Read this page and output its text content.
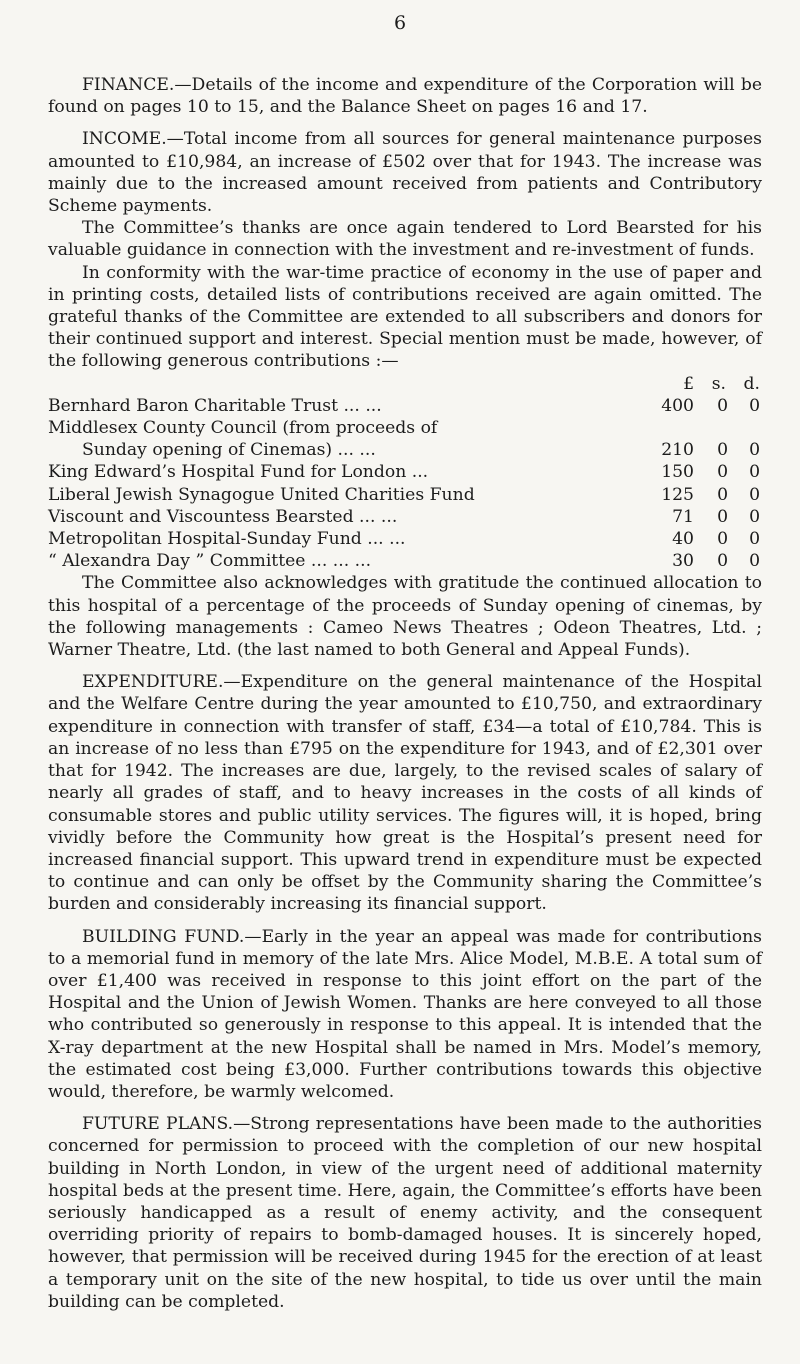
6

FINANCE.—Details of the income and expenditure of the Corporation will be found on pages 10 to 15, and the Balance Sheet on pages 16 and 17.

INCOME.—Total income from all sources for general maintenance purposes amounted to £10,984, an increase of £502 over that for 1943. The increase was mainly due to the increased amount received from patients and Contributory Scheme payments.

The Committee’s thanks are once again tendered to Lord Bearsted for his valuable guidance in connection with the investment and re-investment of funds.

In conformity with the war-time practice of economy in the use of paper and in printing costs, detailed lists of contributions received are again omitted. The grateful thanks of the Committee are extended to all subscribers and donors for their continued support and interest. Special mention must be made, however, of the following generous contributions :—

	£	s.	d.
Bernhard Baron Charitable Trust ... ...	400	0	0
Middlesex County Council (from proceeds of			
Sunday opening of Cinemas) ... ...	210	0	0
King Edward’s Hospital Fund for London ...	150	0	0
Liberal Jewish Synagogue United Charities Fund	125	0	0
Viscount and Viscountess Bearsted ... ...	71	0	0
Metropolitan Hospital-Sunday Fund ... ...	40	0	0
“ Alexandra Day ” Committee ... ... ...	30	0	0

The Committee also acknowledges with gratitude the continued allocation to this hospital of a percentage of the proceeds of Sunday opening of cinemas, by the following managements : Cameo News Theatres ; Odeon Theatres, Ltd. ; Warner Theatre, Ltd. (the last named to both General and Appeal Funds).

EXPENDITURE.—Expenditure on the general maintenance of the Hospital and the Welfare Centre during the year amounted to £10,750, and extraordinary expenditure in connection with transfer of staff, £34—a total of £10,784. This is an increase of no less than £795 on the expenditure for 1943, and of £2,301 over that for 1942. The increases are due, largely, to the revised scales of salary of nearly all grades of staff, and to heavy increases in the costs of all kinds of consumable stores and public utility services. The figures will, it is hoped, bring vividly before the Community how great is the Hospital’s present need for increased financial support. This upward trend in expenditure must be expected to continue and can only be offset by the Community sharing the Committee’s burden and considerably increasing its financial support.

BUILDING FUND.—Early in the year an appeal was made for contributions to a memorial fund in memory of the late Mrs. Alice Model, M.B.E. A total sum of over £1,400 was received in response to this joint effort on the part of the Hospital and the Union of Jewish Women. Thanks are here conveyed to all those who contributed so generously in response to this appeal. It is intended that the X-ray department at the new Hospital shall be named in Mrs. Model’s memory, the estimated cost being £3,000. Further contributions towards this objective would, therefore, be warmly welcomed.

FUTURE PLANS.—Strong representations have been made to the authorities concerned for permission to proceed with the completion of our new hospital building in North London, in view of the urgent need of additional maternity hospital beds at the present time. Here, again, the Committee’s efforts have been seriously handicapped as a result of enemy activity, and the consequent overriding priority of repairs to bomb-damaged houses. It is sincerely hoped, however, that permission will be received during 1945 for the erection of at least a temporary unit on the site of the new hospital, to tide us over until the main building can be completed.
